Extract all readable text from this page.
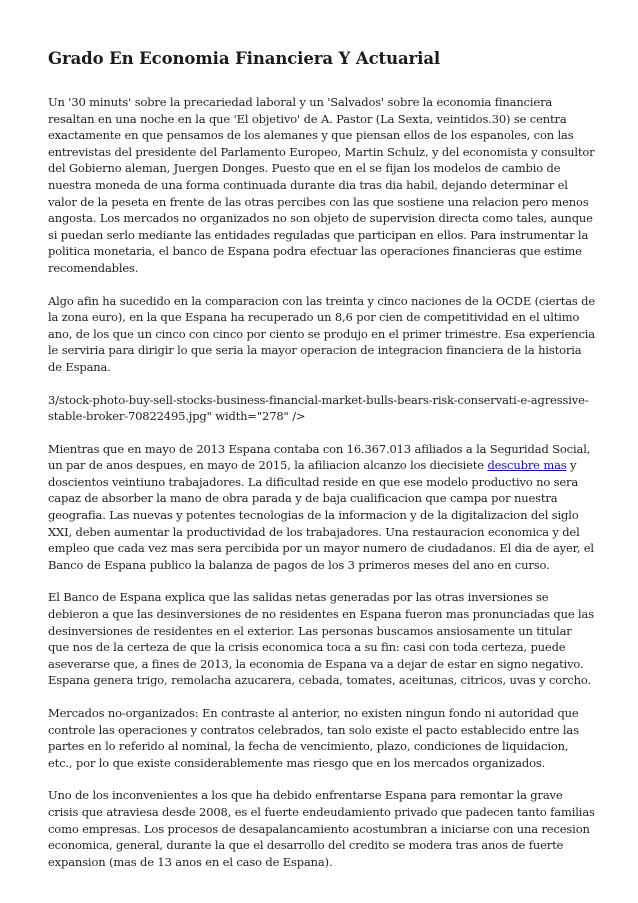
Grado En Economia Financiera Y Actuarial

Un '30 minuts' sobre la precariedad laboral y un 'Salvados' sobre la economia financiera resaltan en una noche en la que 'El objetivo' de A. Pastor (La Sexta, veintidos.30) se centra exactamente en que pensamos de los alemanes y que piensan ellos de los espanoles, con las entrevistas del presidente del Parlamento Europeo, Martin Schulz, y del economista y consultor del Gobierno aleman, Juergen Donges. Puesto que en el se fijan los modelos de cambio de nuestra moneda de una forma continuada durante dia tras dia habil, dejando determinar el valor de la peseta en frente de las otras percibes con las que sostiene una relacion pero menos angosta. Los mercados no organizados no son objeto de supervision directa como tales, aunque si puedan serlo mediante las entidades reguladas que participan en ellos. Para instrumentar la politica monetaria, el banco de Espana podra efectuar las operaciones financieras que estime recomendables.

Algo afin ha sucedido en la comparacion con las treinta y cinco naciones de la OCDE (ciertas de la zona euro), en la que Espana ha recuperado un 8,6 por cien de competitividad en el ultimo ano, de los que un cinco con cinco por ciento se produjo en el primer trimestre. Esa experiencia le serviria para dirigir lo que seria la mayor operacion de integracion financiera de la historia de Espana.

3/stock-photo-buy-sell-stocks-business-financial-market-bulls-bears-risk-conservati-e-agressive-stable-broker-70822495.jpg" width="278" />

Mientras que en mayo de 2013 Espana contaba con 16.367.013 afiliados a la Seguridad Social, un par de anos despues, en mayo de 2015, la afiliacion alcanzo los diecisiete descubre mas y doscientos veintiuno trabajadores. La dificultad reside en que ese modelo productivo no sera capaz de absorber la mano de obra parada y de baja cualificacion que campa por nuestra geografia. Las nuevas y potentes tecnologias de la informacion y de la digitalizacion del siglo XXI, deben aumentar la productividad de los trabajadores. Una restauracion economica y del empleo que cada vez mas sera percibida por un mayor numero de ciudadanos. El dia de ayer, el Banco de Espana publico la balanza de pagos de los 3 primeros meses del ano en curso.

El Banco de Espana explica que las salidas netas generadas por las otras inversiones se debieron a que las desinversiones de no residentes en Espana fueron mas pronunciadas que las desinversiones de residentes en el exterior. Las personas buscamos ansiosamente un titular que nos de la certeza de que la crisis economica toca a su fin: casi con toda certeza, puede aseverarse que, a fines de 2013, la economia de Espana va a dejar de estar en signo negativo. Espana genera trigo, remolacha azucarera, cebada, tomates, aceitunas, citricos, uvas y corcho.

Mercados no-organizados: En contraste al anterior, no existen ningun fondo ni autoridad que controle las operaciones y contratos celebrados, tan solo existe el pacto establecido entre las partes en lo referido al nominal, la fecha de vencimiento, plazo, condiciones de liquidacion, etc., por lo que existe considerablemente mas riesgo que en los mercados organizados.

Uno de los inconvenientes a los que ha debido enfrentarse Espana para remontar la grave crisis que atraviesa desde 2008, es el fuerte endeudamiento privado que padecen tanto familias como empresas. Los procesos de desapalancamiento acostumbran a iniciarse con una recesion economica, general, durante la que el desarrollo del credito se modera tras anos de fuerte expansion (mas de 13 anos en el caso de Espana).
